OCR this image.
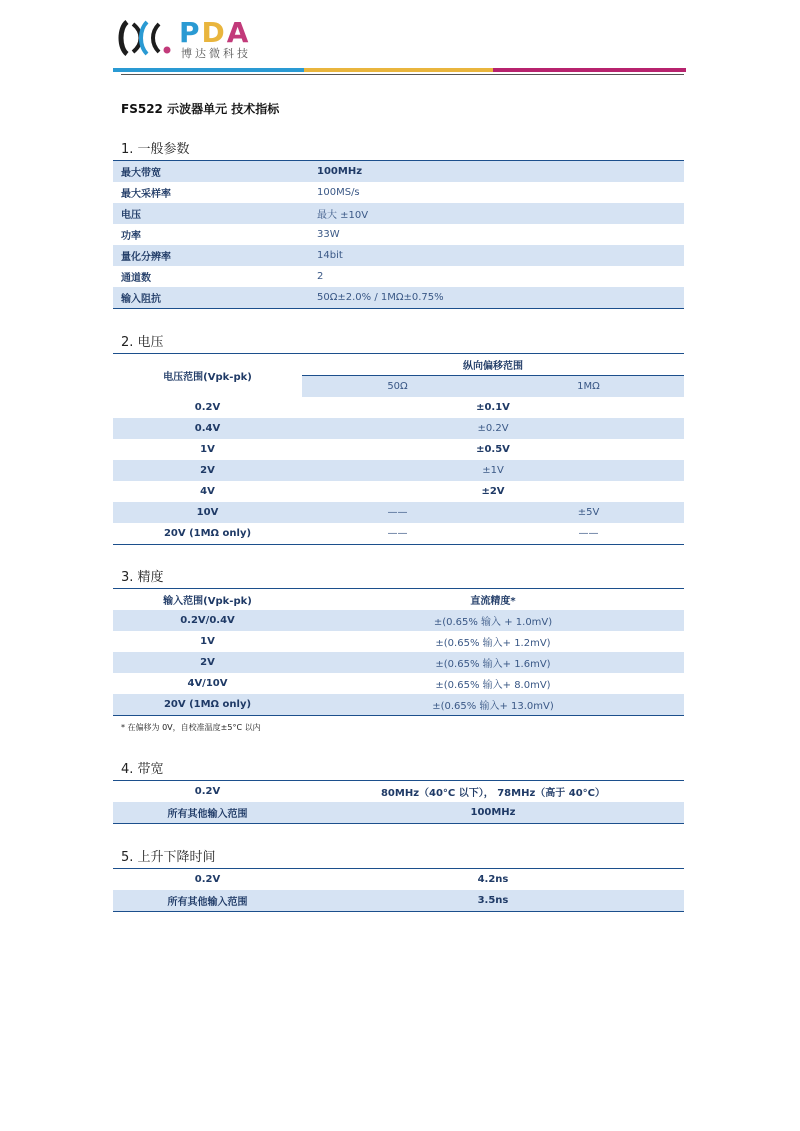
PDA
博达微科技
FS522 示波器单元 技术指标
1. 一般参数
最大带宽	100MHz
最大采样率	100MS/s
电压	最大 ±10V
功率	33W
量化分辨率	14bit
通道数	2
输入阻抗	50Ω±2.0% / 1MΩ±0.75%
2. 电压
电压范围(Vpk-pk)	纵向偏移范围	
	50Ω	1MΩ
0.2V	±0.1V	
0.4V	±0.2V	
1V	±0.5V	
2V	±1V	
4V	±2V	
10V	——	±5V
20V (1MΩ only)	——	——
3. 精度
输入范围(Vpk-pk)	直流精度*
0.2V/0.4V	±(0.65% 输入 + 1.0mV)
1V	±(0.65% 输入+ 1.2mV)
2V	±(0.65% 输入+ 1.6mV)
4V/10V	±(0.65% 输入+ 8.0mV)
20V (1MΩ only)	±(0.65% 输入+ 13.0mV)
* 在偏移为 0V，自校准温度±5°C 以内
4. 带宽
0.2V	80MHz（40°C 以下）， 78MHz（高于 40°C）
所有其他输入范围	100MHz
5. 上升下降时间
0.2V	4.2ns
所有其他输入范围	3.5ns
